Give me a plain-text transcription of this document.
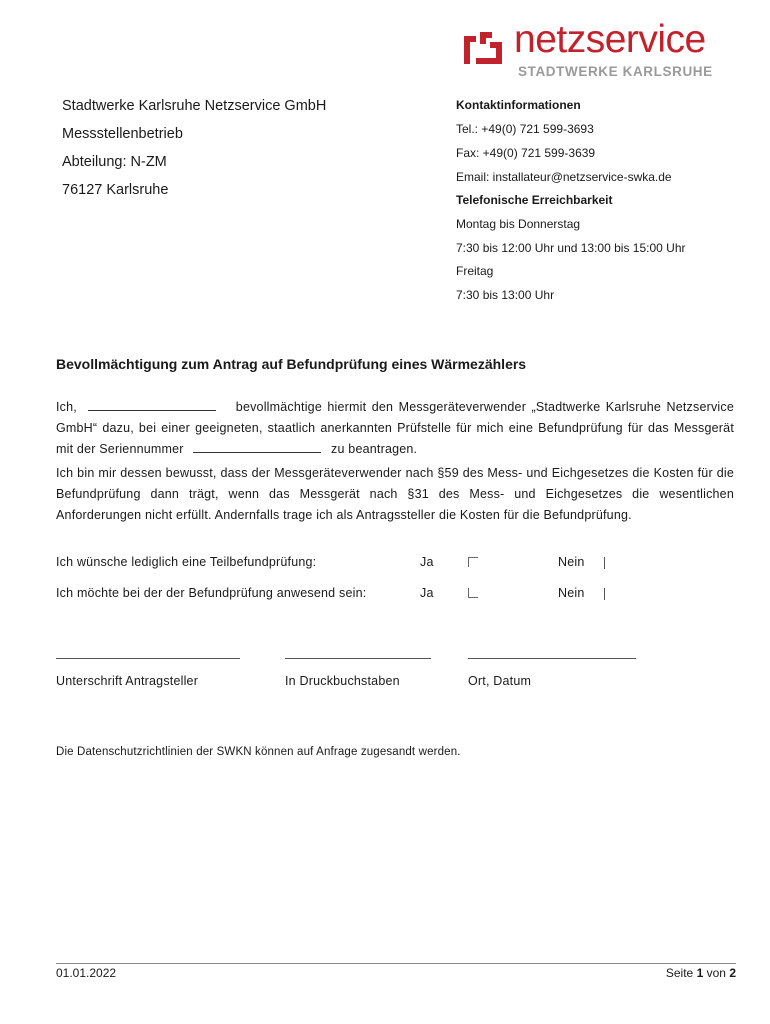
netzservice
STADTWERKE KARLSRUHE
Stadtwerke Karlsruhe Netzservice GmbH
Messstellenbetrieb
Abteilung: N-ZM
76127 Karlsruhe
Kontaktinformationen
Tel.: +49(0) 721 599-3693
Fax: +49(0) 721 599-3639
Email: installateur@netzservice-swka.de
Telefonische Erreichbarkeit
Montag bis Donnerstag
7:30 bis 12:00 Uhr und 13:00 bis 15:00 Uhr
Freitag
7:30 bis 13:00 Uhr
Bevollmächtigung zum Antrag auf Befundprüfung eines Wärmezählers
Ich,	bevollmächtige hiermit den Messgeräteverwender „Stadtwerke Karlsruhe Netzservice GmbH“ dazu, bei einer geeigneten, staatlich anerkannten Prüfstelle für mich eine Befundprüfung für das Messgerät mit der Seriennummer	zu beantragen.
Ich bin mir dessen bewusst, dass der Messgeräteverwender nach §59 des Mess- und Eichgesetzes die Kosten für die Befundprüfung dann trägt, wenn das Messgerät nach §31 des Mess- und Eichgesetzes die wesentlichen Anforderungen nicht erfüllt. Andernfalls trage ich als Antragssteller die Kosten für die Befundprüfung.
Ich wünsche lediglich eine Teilbefundprüfung:	Ja	Nein
Ich möchte bei der der Befundprüfung anwesend sein:	Ja	Nein
Unterschrift Antragsteller	In Druckbuchstaben	Ort, Datum
Die Datenschutzrichtlinien der SWKN können auf Anfrage zugesandt werden.
01.01.2022	Seite 1 von 2
